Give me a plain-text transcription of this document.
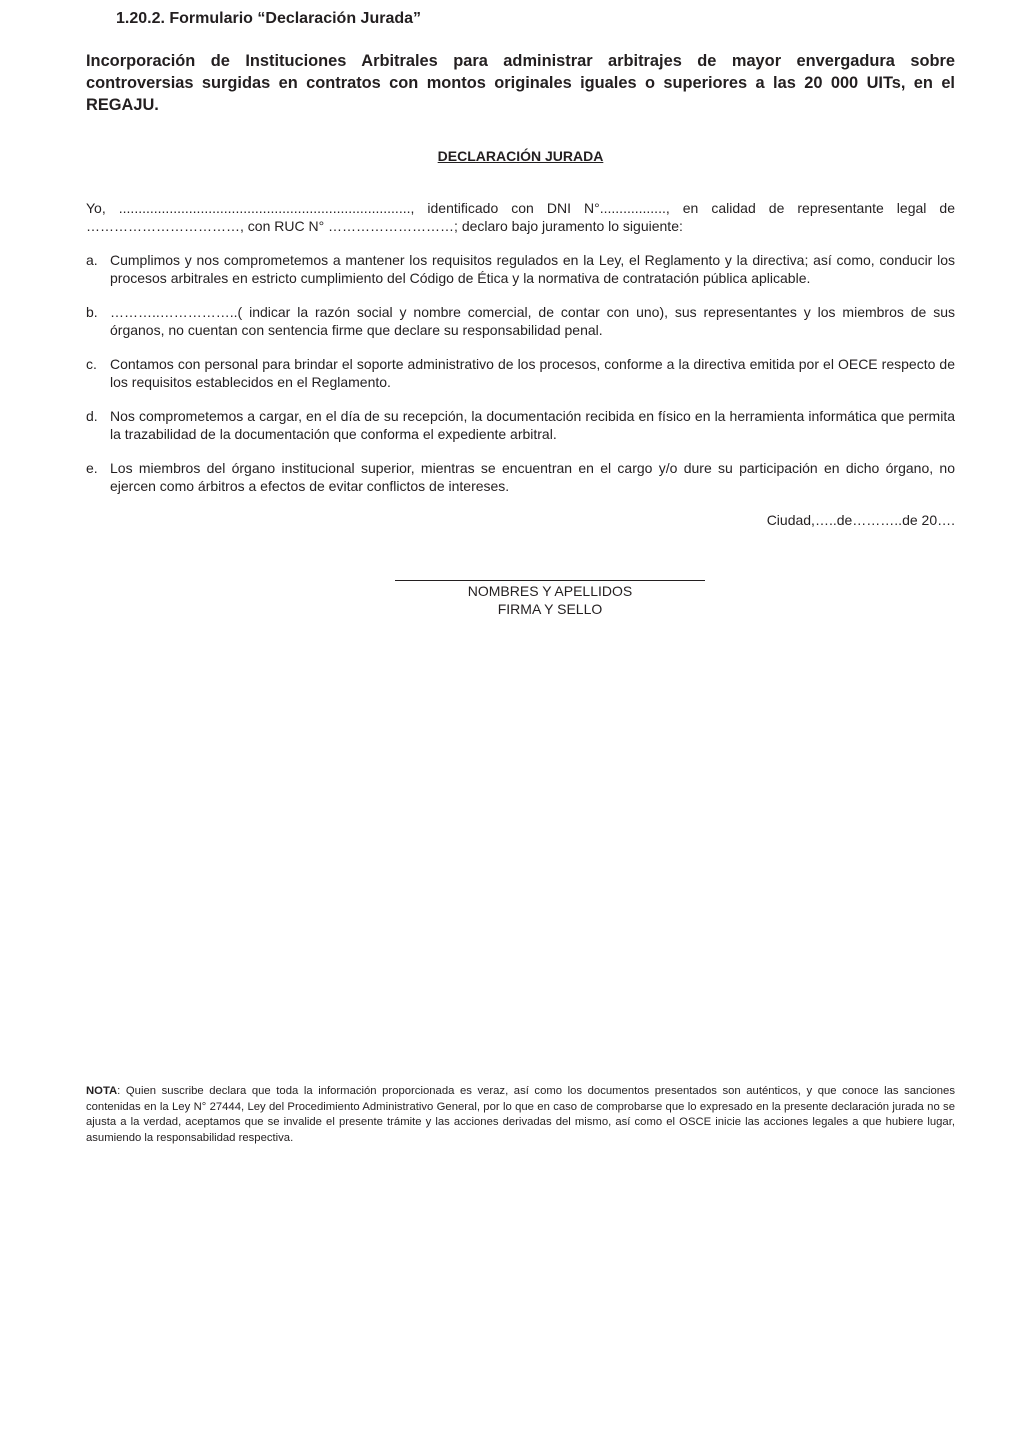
1.20.2. Formulario “Declaración Jurada”

Incorporación de Instituciones Arbitrales para administrar arbitrajes de mayor envergadura sobre controversias surgidas en contratos con montos originales iguales o superiores a las 20 000 UITs, en el REGAJU.

DECLARACIÓN JURADA

Yo, ..........................................................................., identificado con DNI N°................., en calidad de representante legal de ……………………………, con RUC N° ………………………; declaro bajo juramento lo siguiente:

a. Cumplimos y nos comprometemos a mantener los requisitos regulados en la Ley, el Reglamento y la directiva; así como, conducir los procesos arbitrales en estricto cumplimiento del Código de Ética y la normativa de contratación pública aplicable.
b. ………..……………..( indicar la razón social y nombre comercial, de contar con uno), sus representantes y los miembros de sus órganos, no cuentan con sentencia firme que declare su responsabilidad penal.
c. Contamos con personal para brindar el soporte administrativo de los procesos, conforme a la directiva emitida por el OECE respecto de los requisitos establecidos en el Reglamento.
d. Nos comprometemos a cargar, en el día de su recepción, la documentación recibida en físico en la herramienta informática que permita la trazabilidad de la documentación que conforma el expediente arbitral.
e. Los miembros del órgano institucional superior, mientras se encuentran en el cargo y/o dure su participación en dicho órgano, no ejercen como árbitros a efectos de evitar conflictos de intereses.

Ciudad,…..de………..de 20….

NOMBRES Y APELLIDOS
FIRMA Y SELLO

NOTA: Quien suscribe declara que toda la información proporcionada es veraz, así como los documentos presentados son auténticos, y que conoce las sanciones contenidas en la Ley N° 27444, Ley del Procedimiento Administrativo General, por lo que en caso de comprobarse que lo expresado en la presente declaración jurada no se ajusta a la verdad, aceptamos que se invalide el presente trámite y las acciones derivadas del mismo, así como el OSCE inicie las acciones legales a que hubiere lugar, asumiendo la responsabilidad respectiva.
